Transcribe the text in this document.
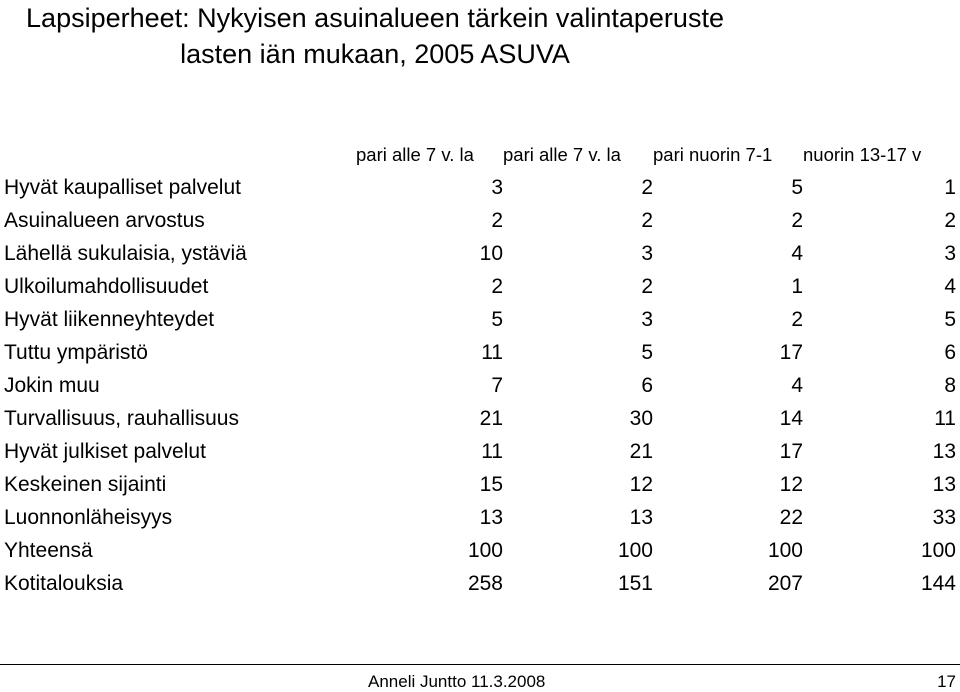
Lapsiperheet: Nykyisen asuinalueen tärkein valintaperuste
lasten iän mukaan, 2005 ASUVA

	pari alle 7 v. la	pari alle 7 v. la	pari nuorin 7-1	nuorin 13-17 v

Hyvät kaupalliset palvelut	3	2	5	1
Asuinalueen arvostus	2	2	2	2
Lähellä sukulaisia, ystäviä	10	3	4	3
Ulkoilumahdollisuudet	2	2	1	4
Hyvät liikenneyhteydet	5	3	2	5
Tuttu ympäristö	11	5	17	6
Jokin muu	7	6	4	8
Turvallisuus, rauhallisuus	21	30	14	11
Hyvät julkiset palvelut	11	21	17	13
Keskeinen sijainti	15	12	12	13
Luonnonläheisyys	13	13	22	33
Yhteensä	100	100	100	100
Kotitalouksia	258	151	207	144
Anneli Juntto 11.3.2008	17
